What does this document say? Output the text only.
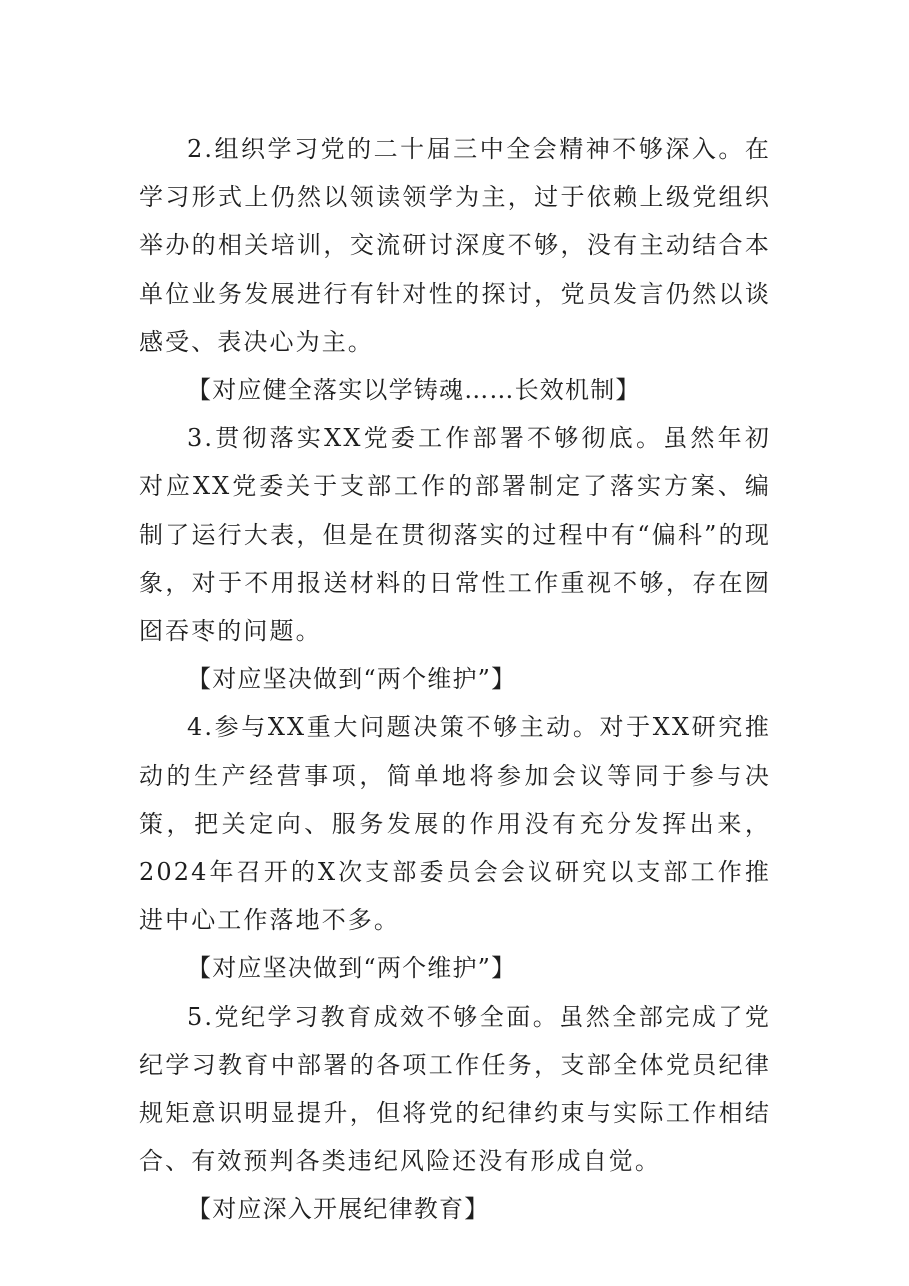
2.组织学习党的二十届三中全会精神不够深入。在学习形式上仍然以领读领学为主，过于依赖上级党组织举办的相关培训，交流研讨深度不够，没有主动结合本单位业务发展进行有针对性的探讨，党员发言仍然以谈感受、表决心为主。

【对应健全落实以学铸魂……长效机制】

3.贯彻落实XX党委工作部署不够彻底。虽然年初对应XX党委关于支部工作的部署制定了落实方案、编制了运行大表，但是在贯彻落实的过程中有“偏科”的现象，对于不用报送材料的日常性工作重视不够，存在囫囵吞枣的问题。

【对应坚决做到“两个维护”】

4.参与XX重大问题决策不够主动。对于XX研究推动的生产经营事项，简单地将参加会议等同于参与决策，把关定向、服务发展的作用没有充分发挥出来，2024年召开的X次支部委员会会议研究以支部工作推进中心工作落地不多。

【对应坚决做到“两个维护”】

5.党纪学习教育成效不够全面。虽然全部完成了党纪学习教育中部署的各项工作任务，支部全体党员纪律规矩意识明显提升，但将党的纪律约束与实际工作相结合、有效预判各类违纪风险还没有形成自觉。

【对应深入开展纪律教育】
